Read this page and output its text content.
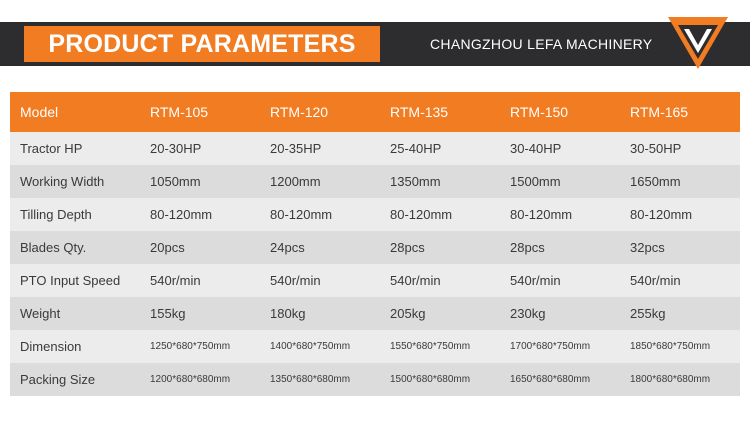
PRODUCT PARAMETERS	CHANGZHOU LEFA MACHINERY
Model	RTM-105	RTM-120	RTM-135	RTM-150	RTM-165
Tractor HP	20-30HP	20-35HP	25-40HP	30-40HP	30-50HP
Working Width	1050mm	1200mm	1350mm	1500mm	1650mm
Tilling Depth	80-120mm	80-120mm	80-120mm	80-120mm	80-120mm
Blades Qty.	20pcs	24pcs	28pcs	28pcs	32pcs
PTO Input Speed	540r/min	540r/min	540r/min	540r/min	540r/min
Weight	155kg	180kg	205kg	230kg	255kg
Dimension	1250*680*750mm	1400*680*750mm	1550*680*750mm	1700*680*750mm	1850*680*750mm
Packing Size	1200*680*680mm	1350*680*680mm	1500*680*680mm	1650*680*680mm	1800*680*680mm
